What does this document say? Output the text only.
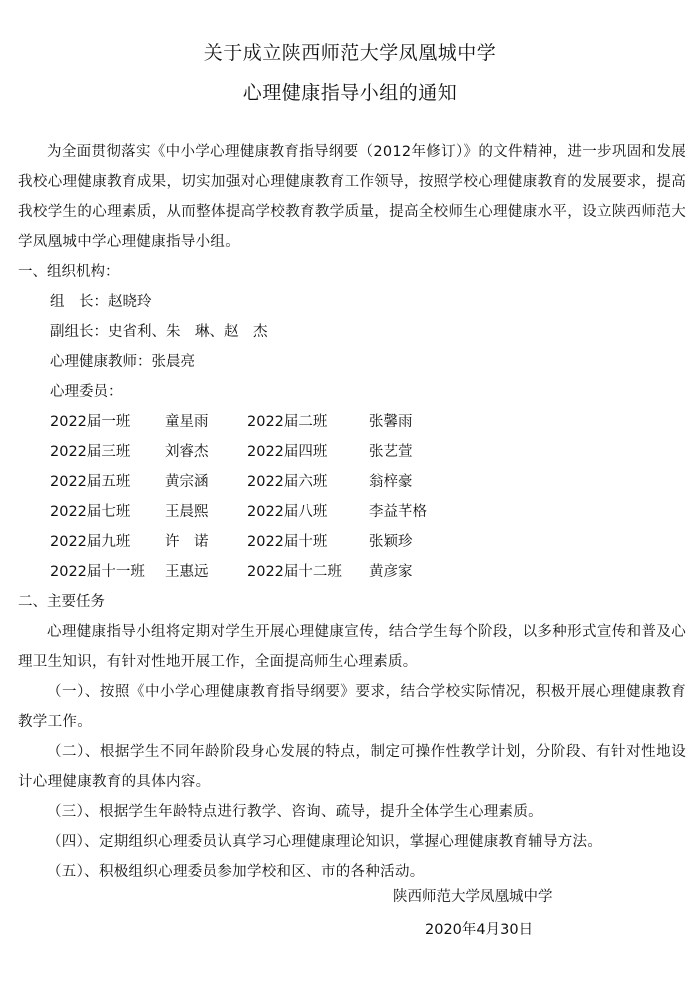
关于成立陕西师范大学凤凰城中学
心理健康指导小组的通知

为全面贯彻落实《中小学心理健康教育指导纲要（2012年修订）》的文件精神，进一步巩固和发展我校心理健康教育成果，切实加强对心理健康教育工作领导，按照学校心理健康教育的发展要求，提高我校学生的心理素质，从而整体提高学校教育教学质量，提高全校师生心理健康水平，设立陕西师范大学凤凰城中学心理健康指导小组。

一、组织机构：

组　长：赵晓玲

副组长：史省利、朱　琳、赵　杰

心理健康教师：张晨亮

心理委员：

2022届一班	童星雨	2022届二班	张馨雨
2022届三班	刘睿杰	2022届四班	张艺萱
2022届五班	黄宗涵	2022届六班	翁梓豪
2022届七班	王晨熙	2022届八班	李益芊格
2022届九班	许　诺	2022届十班	张颖珍
2022届十一班	王惠远	2022届十二班	黄彦家

二、主要任务

心理健康指导小组将定期对学生开展心理健康宣传，结合学生每个阶段，以多种形式宣传和普及心理卫生知识，有针对性地开展工作，全面提高师生心理素质。

（一）、按照《中小学心理健康教育指导纲要》要求，结合学校实际情况，积极开展心理健康教育教学工作。

（二）、根据学生不同年龄阶段身心发展的特点，制定可操作性教学计划，分阶段、有针对性地设计心理健康教育的具体内容。

（三）、根据学生年龄特点进行教学、咨询、疏导，提升全体学生心理素质。

（四）、定期组织心理委员认真学习心理健康理论知识，掌握心理健康教育辅导方法。

（五）、积极组织心理委员参加学校和区、市的各种活动。

陕西师范大学凤凰城中学
2020年4月30日
